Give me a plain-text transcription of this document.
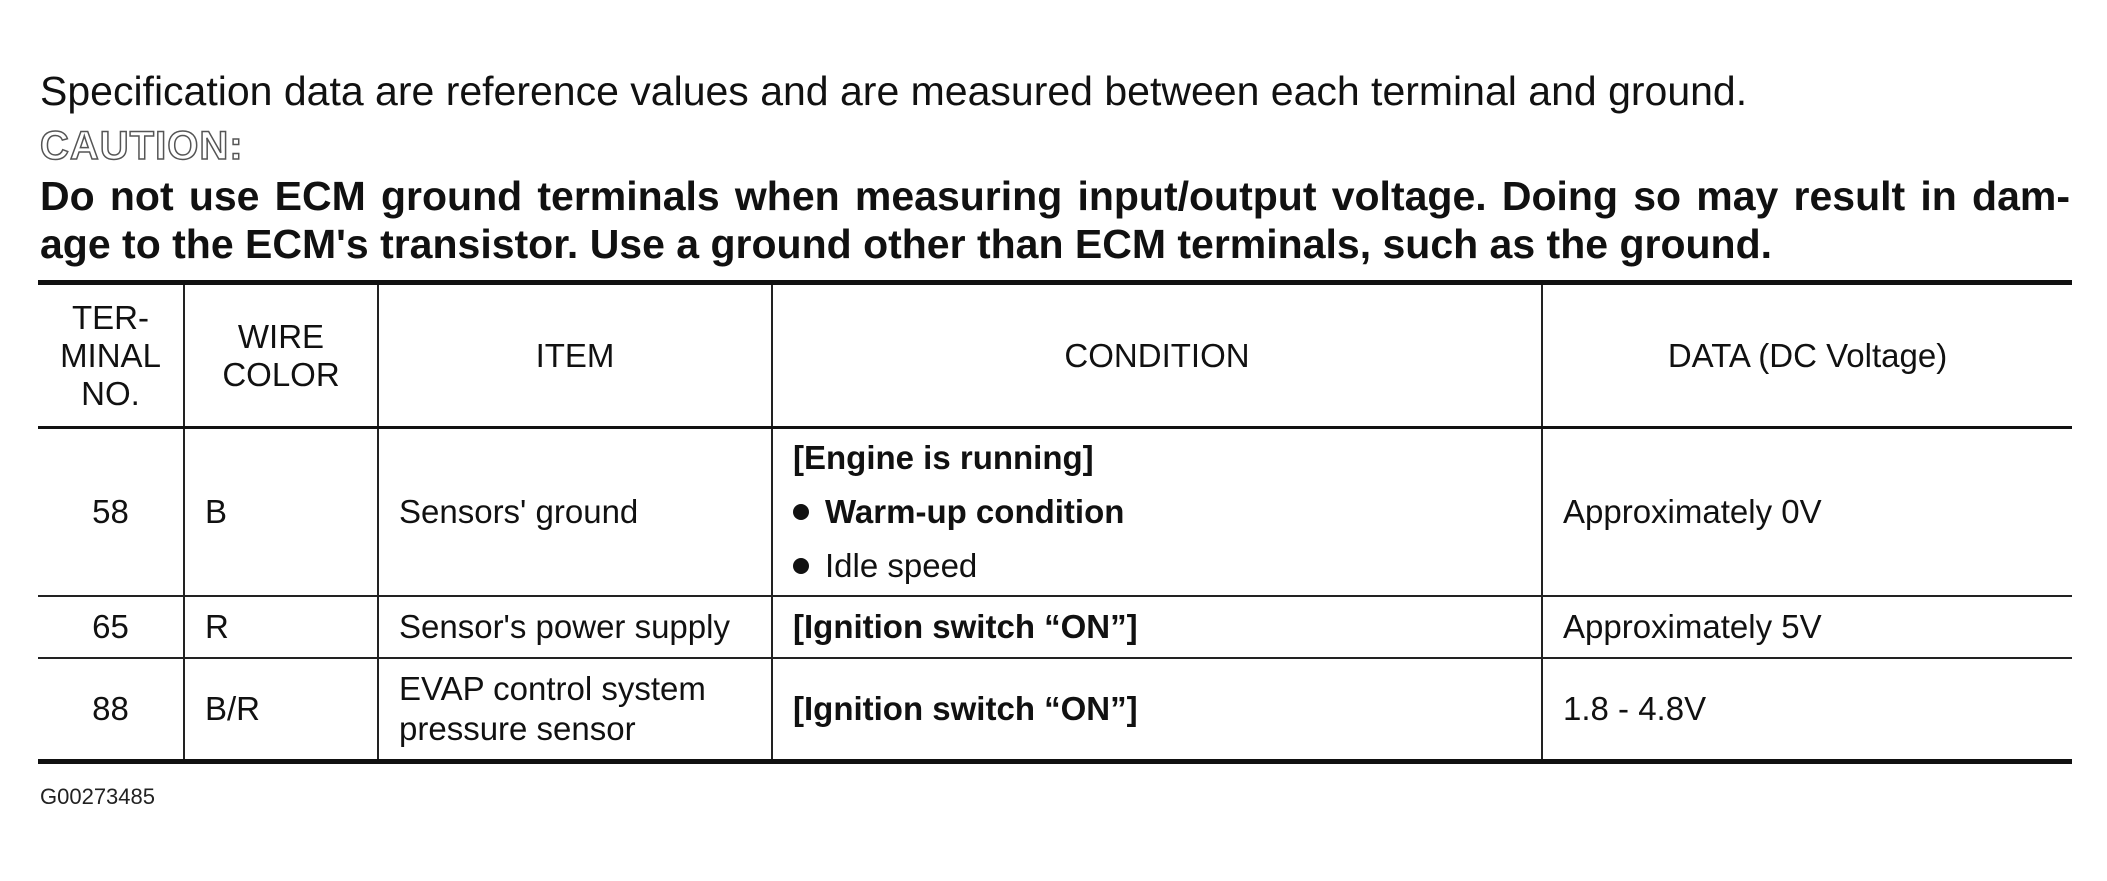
Specification data are reference values and are measured between each terminal and ground.
CAUTION:
Do not use ECM ground terminals when measuring input/output voltage. Doing so may result in dam-
age to the ECM's transistor. Use a ground other than ECM terminals, such as the ground.
TER-
MINAL
NO.	WIRE
COLOR	ITEM	CONDITION	DATA (DC Voltage)
58	B	Sensors' ground	[Engine is running]
Warm-up condition
Idle speed	Approximately 0V
65	R	Sensor's power supply	[Ignition switch “ON”]	Approximately 5V
88	B/R	EVAP control system
pressure sensor	[Ignition switch “ON”]	1.8 - 4.8V
G00273485
